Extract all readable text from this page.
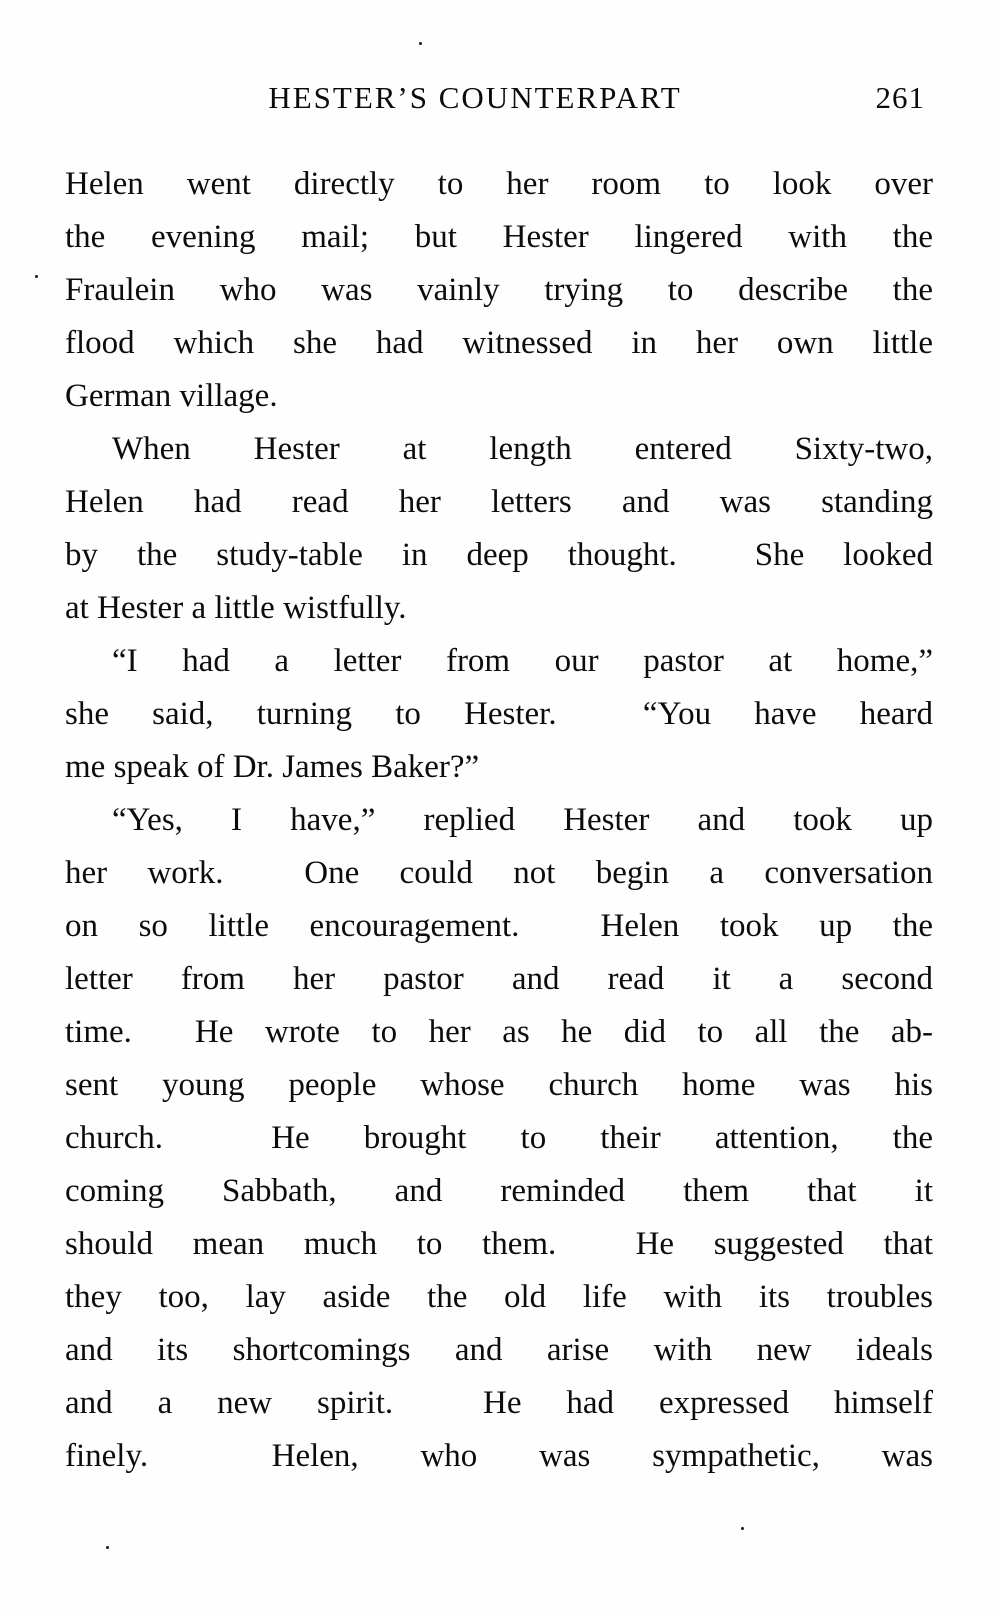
HESTER’S COUNTERPART	261
Helen went directly to her room to look over
the evening mail; but Hester lingered with the
Fraulein who was vainly trying to describe the
flood which she had witnessed in her own little
German village.
When Hester at length entered Sixty-two,
Helen had read her letters and was standing
by the study-table in deep thought.  She looked
at Hester a little wistfully.
“I had a letter from our pastor at home,”
she said, turning to Hester.  “You have heard
me speak of Dr. James Baker?”
“Yes, I have,” replied Hester and took up
her work.  One could not begin a conversation
on so little encouragement.  Helen took up the
letter from her pastor and read it a second
time.  He wrote to her as he did to all the ab-
sent young people whose church home was his
church.  He brought to their attention, the
coming Sabbath, and reminded them that it
should mean much to them.  He suggested that
they too, lay aside the old life with its troubles
and its shortcomings and arise with new ideals
and a new spirit.  He had expressed himself
finely.  Helen, who was sympathetic, was
